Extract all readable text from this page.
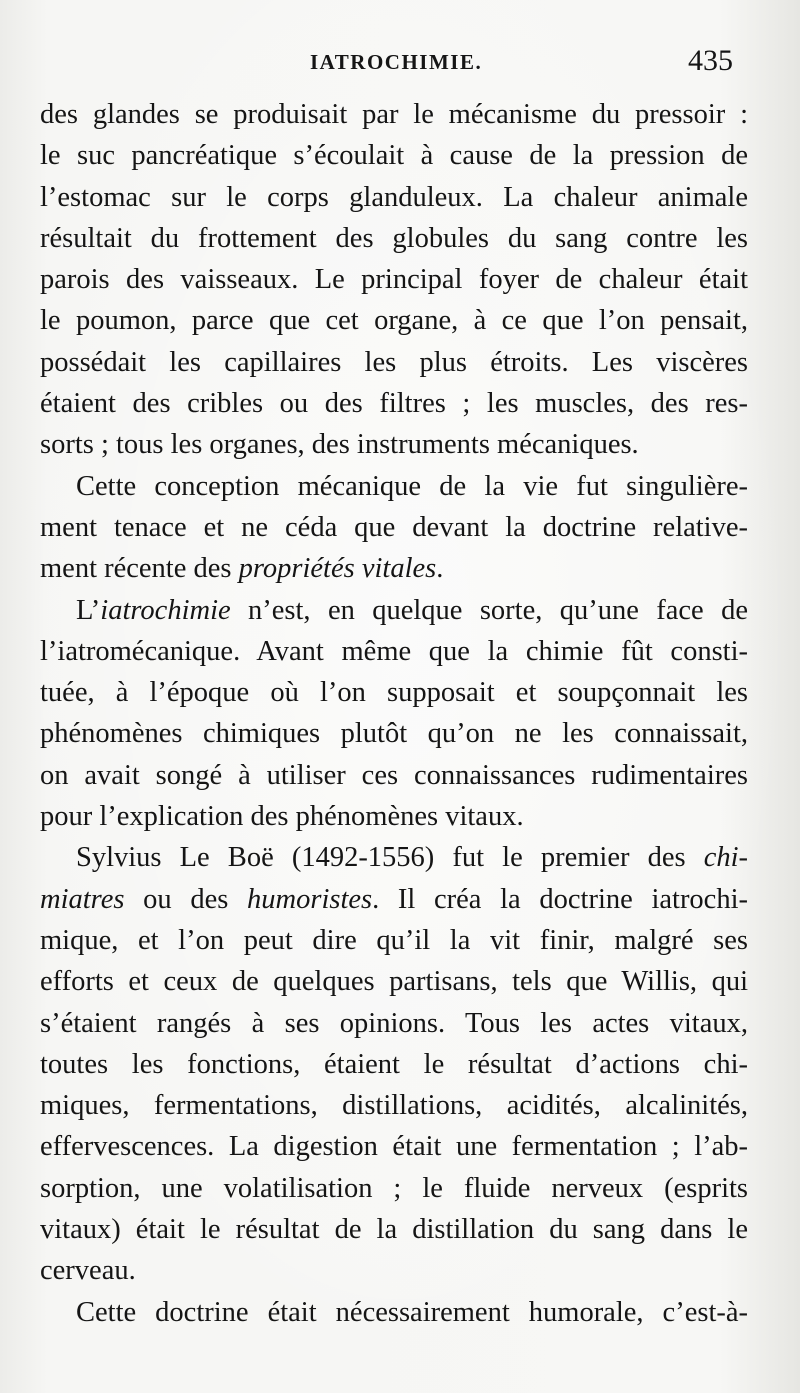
IATROCHIMIE.	435
des glandes se produisait par le mécanisme du pressoir :
le suc pancréatique s’écoulait à cause de la pression de
l’estomac sur le corps glanduleux. La chaleur animale
résultait du frottement des globules du sang contre les
parois des vaisseaux. Le principal foyer de chaleur était
le poumon, parce que cet organe, à ce que l’on pensait,
possédait les capillaires les plus étroits. Les viscères
étaient des cribles ou des filtres ; les muscles, des res-
sorts ; tous les organes, des instruments mécaniques.
Cette conception mécanique de la vie fut singulière-
ment tenace et ne céda que devant la doctrine relative-
ment récente des propriétés vitales.
L’iatrochimie n’est, en quelque sorte, qu’une face de
l’iatromécanique. Avant même que la chimie fût consti-
tuée, à l’époque où l’on supposait et soupçonnait les
phénomènes chimiques plutôt qu’on ne les connaissait,
on avait songé à utiliser ces connaissances rudimentaires
pour l’explication des phénomènes vitaux.
Sylvius Le Boë (1492-1556) fut le premier des chi-
miatres ou des humoristes. Il créa la doctrine iatrochi-
mique, et l’on peut dire qu’il la vit finir, malgré ses
efforts et ceux de quelques partisans, tels que Willis, qui
s’étaient rangés à ses opinions. Tous les actes vitaux,
toutes les fonctions, étaient le résultat d’actions chi-
miques, fermentations, distillations, acidités, alcalinités,
effervescences. La digestion était une fermentation ; l’ab-
sorption, une volatilisation ; le fluide nerveux (esprits
vitaux) était le résultat de la distillation du sang dans le
cerveau.
Cette doctrine était nécessairement humorale, c’est-à-
